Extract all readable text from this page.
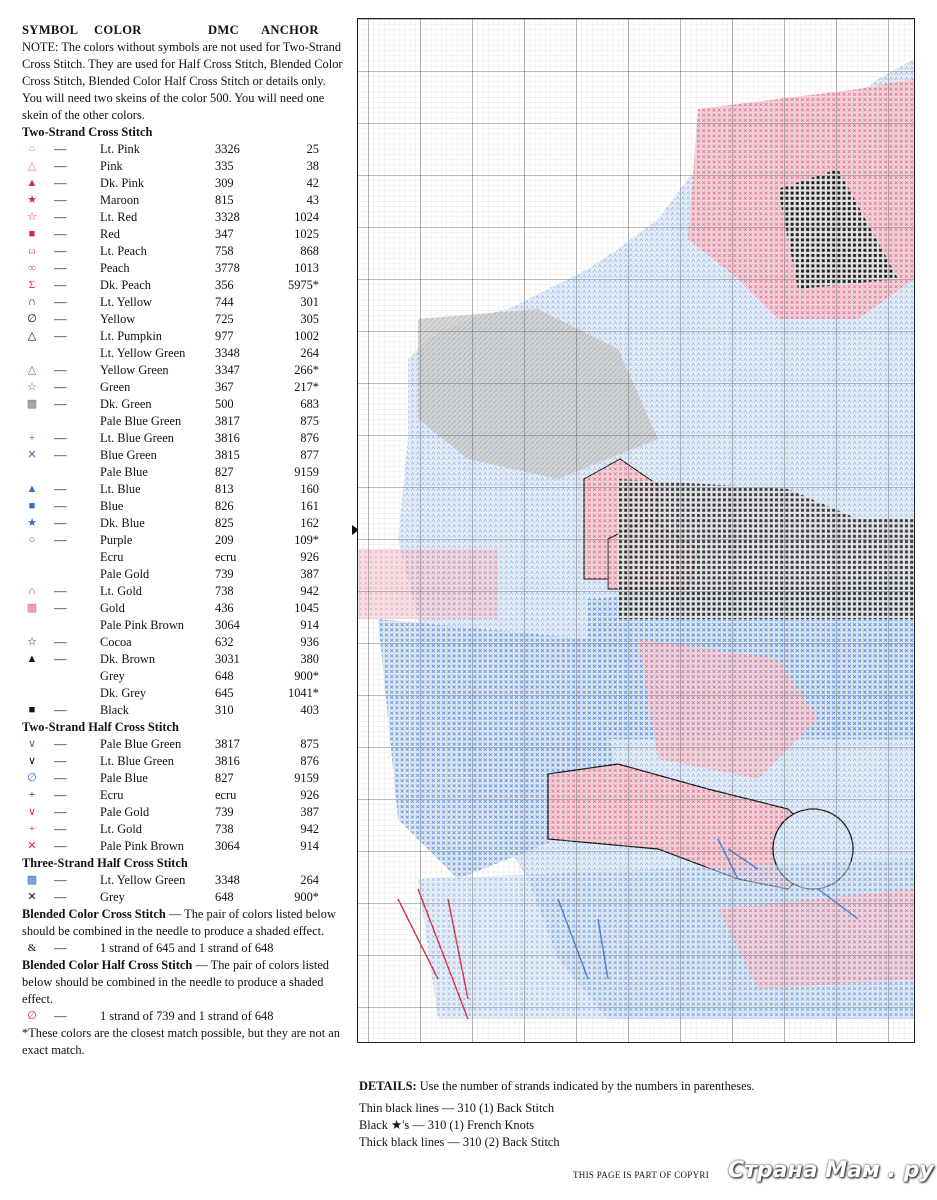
SYMBOL	COLOR	DMC	ANCHOR

NOTE: The colors without symbols are not used for Two-Strand Cross Stitch. They are used for Half Cross Stitch, Blended Color Cross Stitch, Blended Color Half Cross Stitch or details only. You will need two skeins of the color 500. You will need one skein of the other colors.

Two-Strand Cross Stitch
○	—	Lt. Pink	3326	25
△	—	Pink	335	38
▲	—	Dk. Pink	309	42
★	—	Maroon	815	43
☆	—	Lt. Red	3328	1024
■	—	Red	347	1025
ω	—	Lt. Peach	758	868
∞	—	Peach	3778	1013
Σ	—	Dk. Peach	356	5975*
∩	—	Lt. Yellow	744	301
∅	—	Yellow	725	305
△	—	Lt. Pumpkin	977	1002
Lt. Yellow Green	3348	264
△	—	Yellow Green	3347	266*
☆	—	Green	367	217*
▩	—	Dk. Green	500	683
Pale Blue Green	3817	875
+	—	Lt. Blue Green	3816	876
✕	—	Blue Green	3815	877
Pale Blue	827	9159
▲	—	Lt. Blue	813	160
■	—	Blue	826	161
★	—	Dk. Blue	825	162
○	—	Purple	209	109*
Ecru	ecru	926
Pale Gold	739	387
∩	—	Lt. Gold	738	942
▩	—	Gold	436	1045
Pale Pink Brown	3064	914
☆	—	Cocoa	632	936
▲	—	Dk. Brown	3031	380
Grey	648	900*
Dk. Grey	645	1041*
■	—	Black	310	403
Two-Strand Half Cross Stitch
∨	—	Pale Blue Green	3817	875
∨	—	Lt. Blue Green	3816	876
∅	—	Pale Blue	827	9159
+	—	Ecru	ecru	926
∨	—	Pale Gold	739	387
+	—	Lt. Gold	738	942
✕	—	Pale Pink Brown	3064	914
Three-Strand Half Cross Stitch
▩	—	Lt. Yellow Green	3348	264
✕	—	Grey	648	900*
Blended Color Cross Stitch — The pair of colors listed below should be combined in the needle to produce a shaded effect.
&	—	1 strand of 645 and 1 strand of 648
Blended Color Half Cross Stitch — The pair of colors listed below should be combined in the needle to produce a shaded effect.
∅	—	1 strand of 739 and 1 strand of 648
*These colors are the closest match possible, but they are not an exact match.
DETAILS: Use the number of strands indicated by the numbers in parentheses.
Thin black lines — 310 (1) Back Stitch
Black ★'s — 310 (1) French Knots
Thick black lines — 310 (2) Back Stitch
THIS PAGE IS PART OF COPYRI Страна Мам . ру
